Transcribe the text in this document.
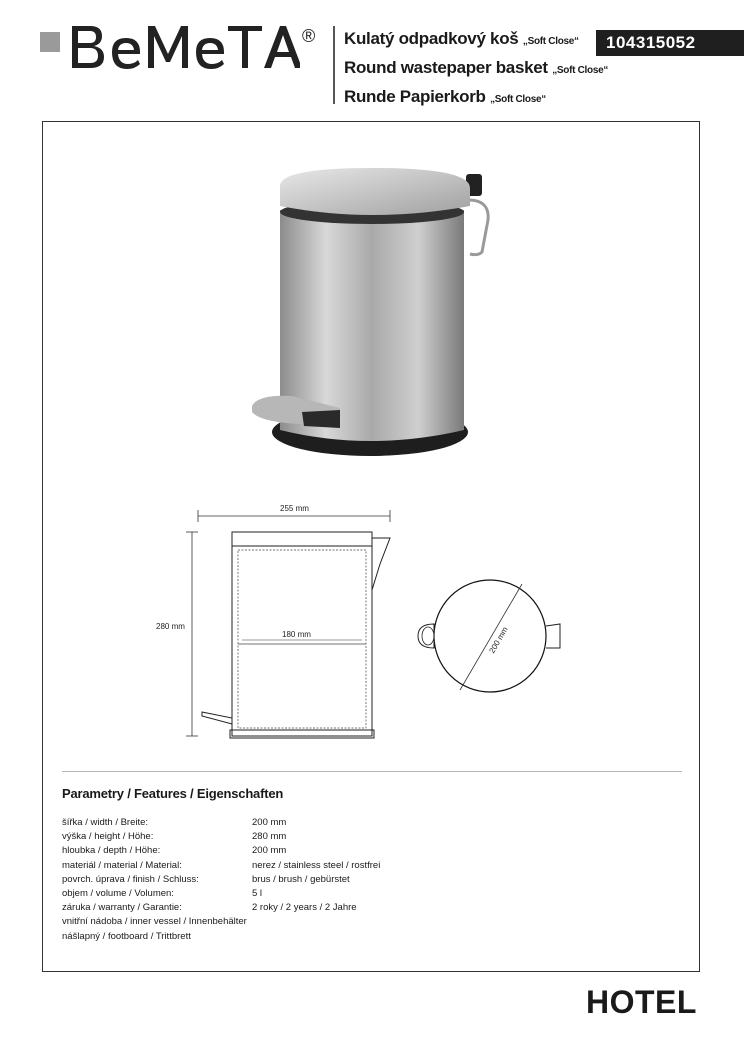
® Kulatý odpadkový koš „Soft Close“
Round wastepaper basket „Soft Close“
Runde Papierkorb „Soft Close“
104315052
255 mm
280 mm
180 mm	200 mm
Parametry / Features / Eigenschaften
šířka / width / Breite:	200 mm
výška / height / Höhe:	280 mm
hloubka / depth / Höhe:	200 mm
materiál / material / Material:	nerez / stainless steel / rostfrei
povrch. úprava / finish / Schluss:	brus / brush / gebürstet
objem / volume / Volumen:	5 l
záruka / warranty / Garantie:	2 roky / 2 years / 2 Jahre
vnitřní nádoba / inner vessel / Innenbehälter
nášlapný / footboard / Trittbrett
HOTEL
